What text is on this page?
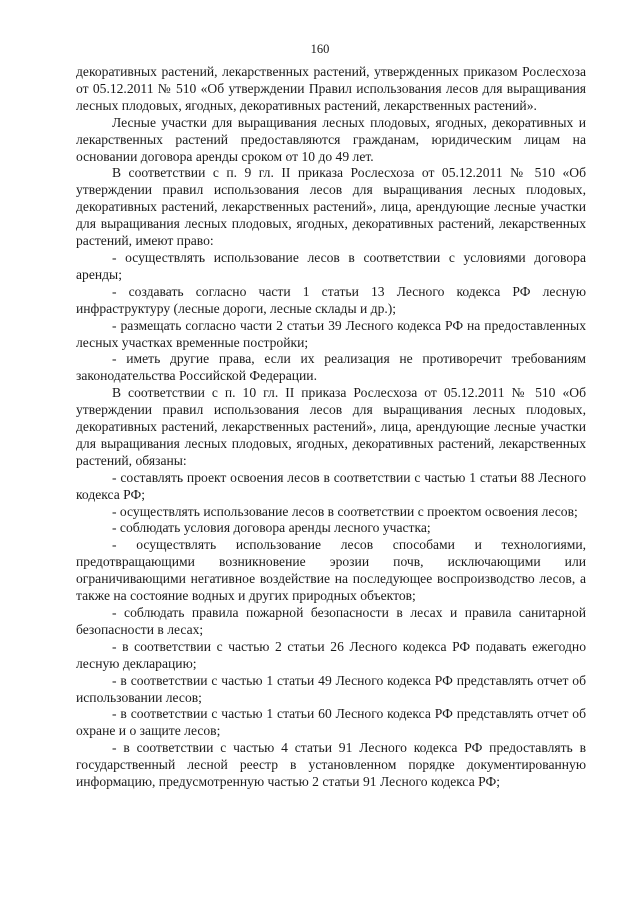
160

декоративных растений, лекарственных растений, утвержденных приказом Рослесхоза от 05.12.2011 № 510 «Об утверждении Правил использования лесов для выращивания лесных плодовых, ягодных, декоративных растений, лекарственных растений».

Лесные участки для выращивания лесных плодовых, ягодных, декоративных и лекарственных растений предоставляются гражданам, юридическим лицам на основании договора аренды сроком от 10 до 49 лет.

В соответствии с п. 9 гл. II приказа Рослесхоза от 05.12.2011 № 510 «Об утверждении правил использования лесов для выращивания лесных плодовых, декоративных растений, лекарственных растений», лица, арендующие лесные участки для выращивания лесных плодовых, ягодных, декоративных растений, лекарственных растений, имеют право:

- осуществлять использование лесов в соответствии с условиями договора аренды;

- создавать согласно части 1 статьи 13 Лесного кодекса РФ лесную инфраструктуру (лесные дороги, лесные склады и др.);

- размещать согласно части 2 статьи 39 Лесного кодекса РФ на предоставленных лесных участках временные постройки;

- иметь другие права, если их реализация не противоречит требованиям законодательства Российской Федерации.

В соответствии с п. 10 гл. II приказа Рослесхоза от 05.12.2011 № 510 «Об утверждении правил использования лесов для выращивания лесных плодовых, декоративных растений, лекарственных растений», лица, арендующие лесные участки для выращивания лесных плодовых, ягодных, декоративных растений, лекарственных растений, обязаны:

- составлять проект освоения лесов в соответствии с частью 1 статьи 88 Лесного кодекса РФ;

- осуществлять использование лесов в соответствии с проектом освоения лесов;

- соблюдать условия договора аренды лесного участка;

- осуществлять использование лесов способами и технологиями, предотвращающими возникновение эрозии почв, исключающими или ограничивающими негативное воздействие на последующее воспроизводство лесов, а также на состояние водных и других природных объектов;

- соблюдать правила пожарной безопасности в лесах и правила санитарной безопасности в лесах;

- в соответствии с частью 2 статьи 26 Лесного кодекса РФ подавать ежегодно лесную декларацию;

- в соответствии с частью 1 статьи 49 Лесного кодекса РФ представлять отчет об использовании лесов;

- в соответствии с частью 1 статьи 60 Лесного кодекса РФ представлять отчет об охране и о защите лесов;

- в соответствии с частью 4 статьи 91 Лесного кодекса РФ предоставлять в государственный лесной реестр в установленном порядке документированную информацию, предусмотренную частью 2 статьи 91 Лесного кодекса РФ;
